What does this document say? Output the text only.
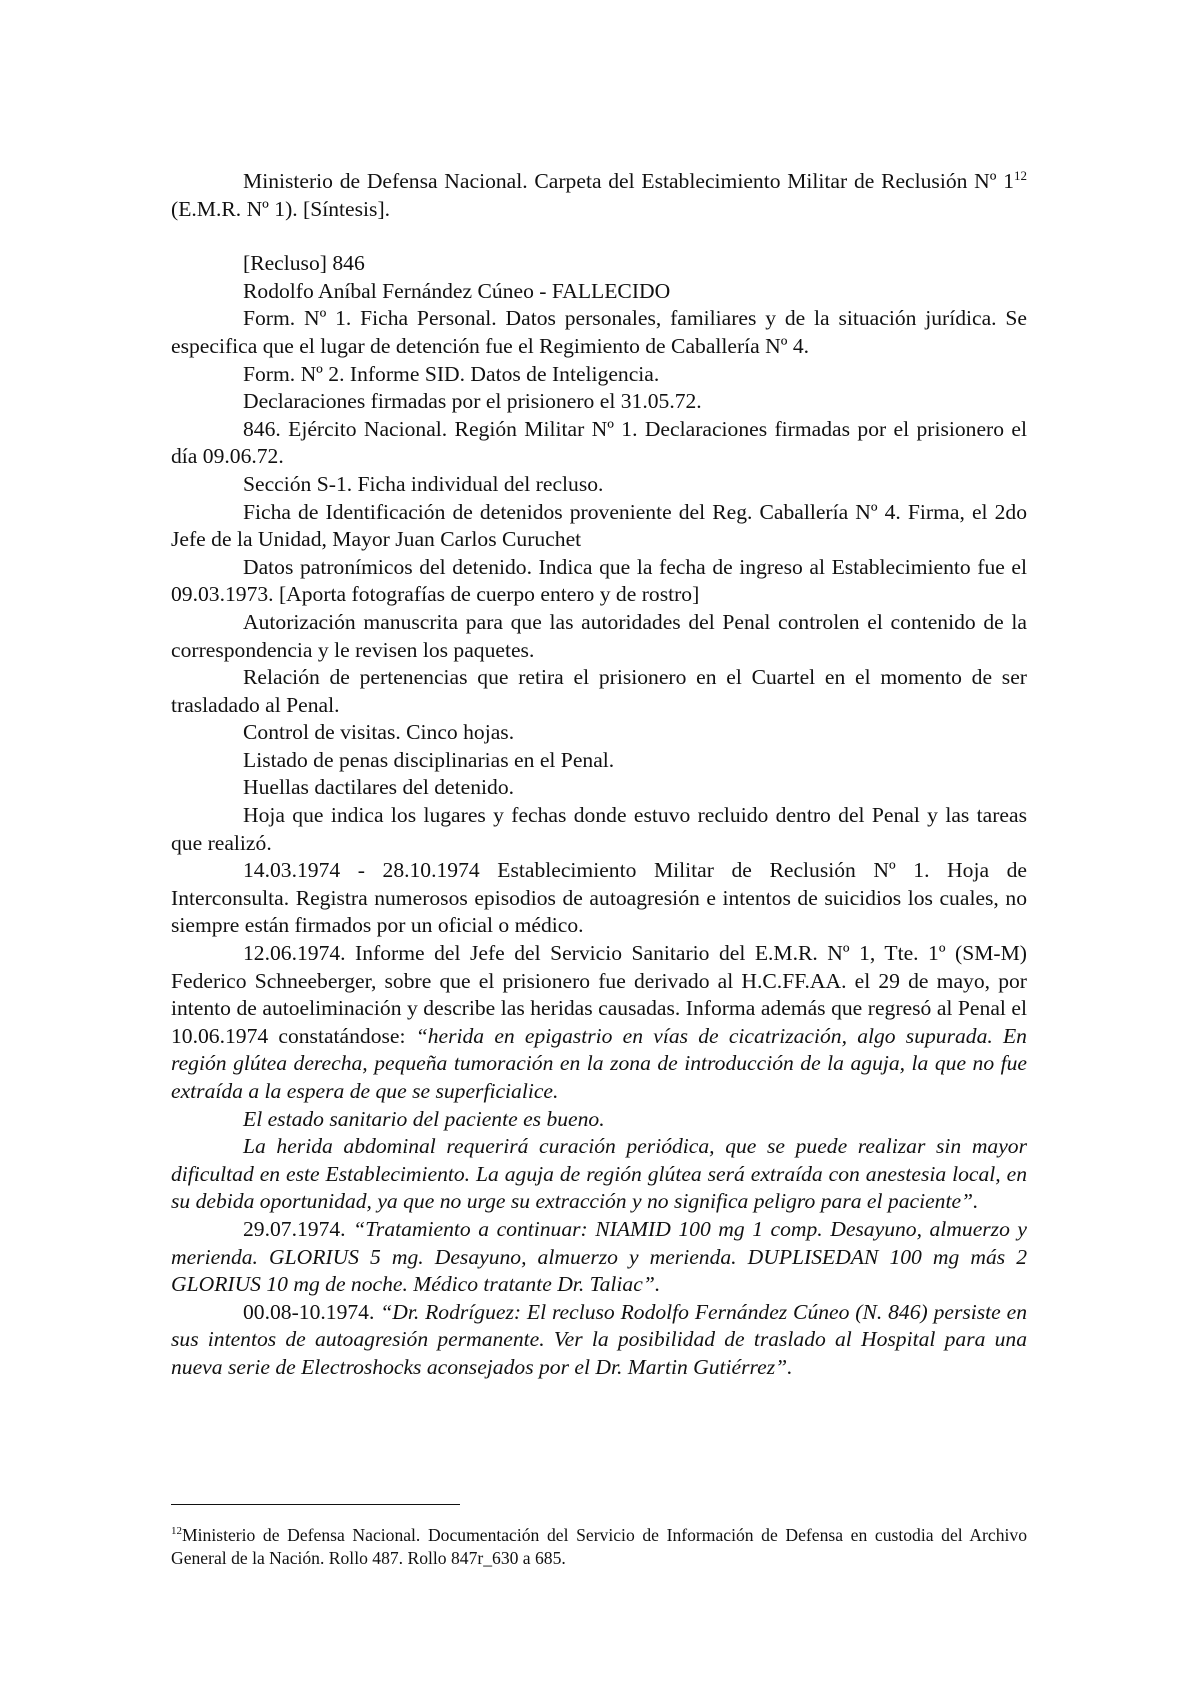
Ministerio de Defensa Nacional. Carpeta del Establecimiento Militar de Reclusión Nº 1$^{12}$ (E.M.R. Nº 1). [Síntesis].

[Recluso] 846

Rodolfo Aníbal Fernández Cúneo - FALLECIDO

Form. Nº 1. Ficha Personal. Datos personales, familiares y de la situación jurídica. Se especifica que el lugar de detención fue el Regimiento de Caballería Nº 4.

Form. Nº 2. Informe SID. Datos de Inteligencia.

Declaraciones firmadas por el prisionero el 31.05.72.

846. Ejército Nacional. Región Militar Nº 1. Declaraciones firmadas por el prisionero el día 09.06.72.

Sección S-1. Ficha individual del recluso.

Ficha de Identificación de detenidos proveniente del Reg. Caballería Nº 4. Firma, el 2do Jefe de la Unidad, Mayor Juan Carlos Curuchet

Datos patronímicos del detenido. Indica que la fecha de ingreso al Establecimiento fue el 09.03.1973. [Aporta fotografías de cuerpo entero y de rostro]

Autorización manuscrita para que las autoridades del Penal controlen el contenido de la correspondencia y le revisen los paquetes.

Relación de pertenencias que retira el prisionero en el Cuartel en el momento de ser trasladado al Penal.

Control de visitas. Cinco hojas.

Listado de penas disciplinarias en el Penal.

Huellas dactilares del detenido.

Hoja que indica los lugares y fechas donde estuvo recluido dentro del Penal y las tareas que realizó.

14.03.1974 - 28.10.1974 Establecimiento Militar de Reclusión Nº 1. Hoja de Interconsulta. Registra numerosos episodios de autoagresión e intentos de suicidios los cuales, no siempre están firmados por un oficial o médico.

12.06.1974. Informe del Jefe del Servicio Sanitario del E.M.R. Nº 1, Tte. 1º (SM-M) Federico Schneeberger, sobre que el prisionero fue derivado al H.C.FF.AA. el 29 de mayo, por intento de autoeliminación y describe las heridas causadas. Informa además que regresó al Penal el 10.06.1974 constatándose: “herida en epigastrio en vías de cicatrización, algo supurada. En región glútea derecha, pequeña tumoración en la zona de introducción de la aguja, la que no fue extraída a la espera de que se superficialice.

El estado sanitario del paciente es bueno.

La herida abdominal requerirá curación periódica, que se puede realizar sin mayor dificultad en este Establecimiento. La aguja de región glútea será extraída con anestesia local, en su debida oportunidad, ya que no urge su extracción y no significa peligro para el paciente”.

29.07.1974. “Tratamiento a continuar: NIAMID 100 mg 1 comp. Desayuno, almuerzo y merienda. GLORIUS 5 mg. Desayuno, almuerzo y merienda. DUPLISEDAN 100 mg más 2 GLORIUS 10 mg de noche. Médico tratante Dr. Taliac”.

00.08-10.1974. “Dr. Rodríguez: El recluso Rodolfo Fernández Cúneo (N. 846) persiste en sus intentos de autoagresión permanente. Ver la posibilidad de traslado al Hospital para una nueva serie de Electroshocks aconsejados por el Dr. Martin Gutiérrez”.

$^{12}$Ministerio de Defensa Nacional. Documentación del Servicio de Información de Defensa en custodia del Archivo General de la Nación. Rollo 487. Rollo 847r_630 a 685.
